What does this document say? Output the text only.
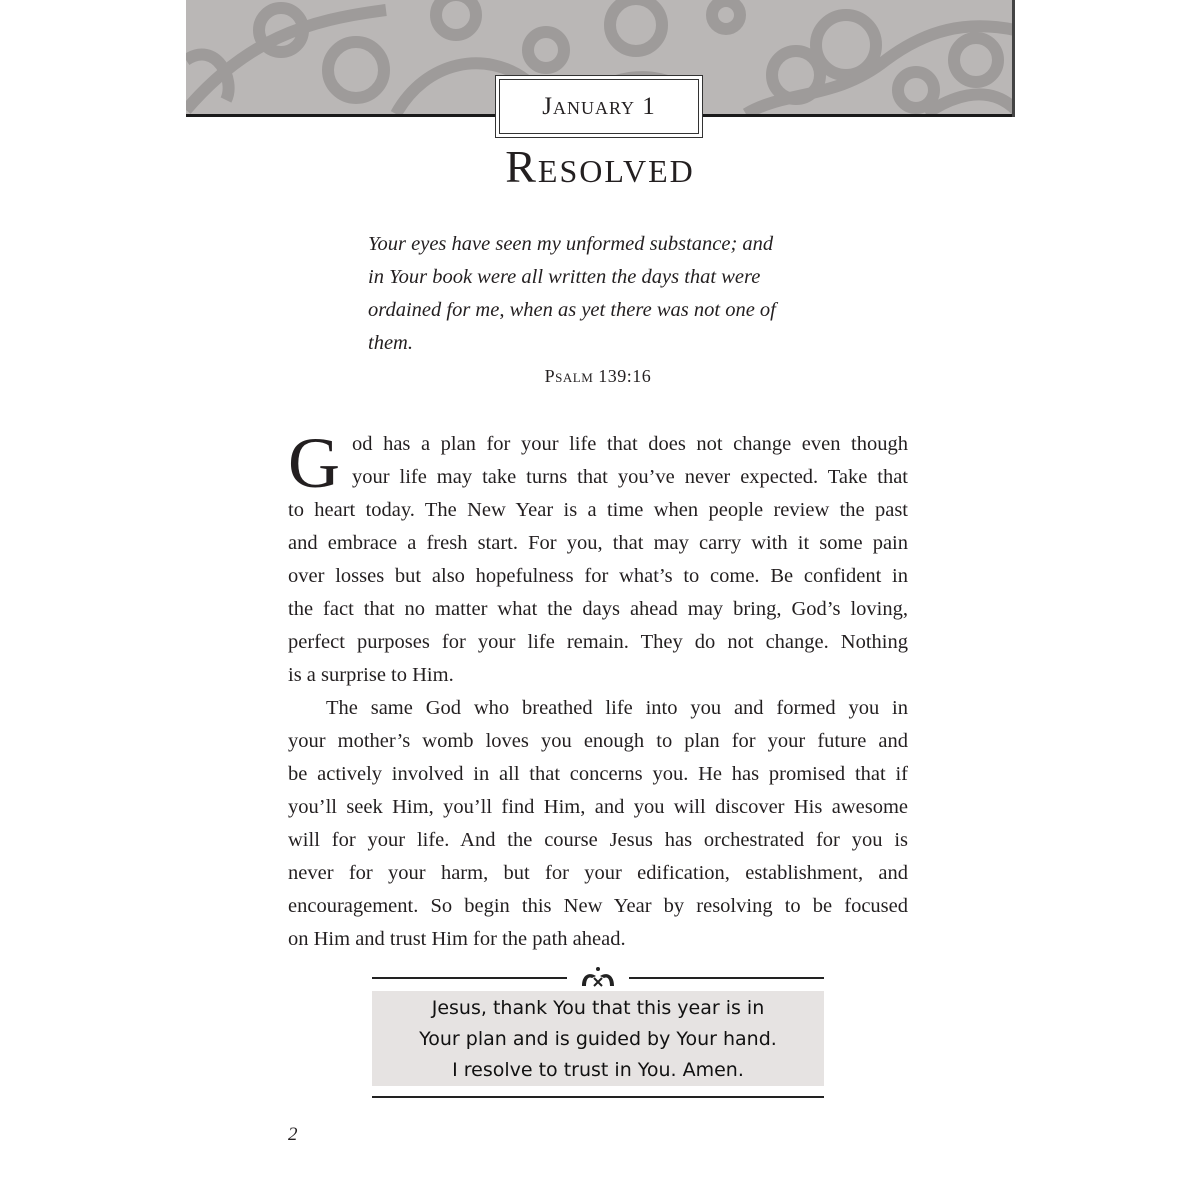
January 1
Resolved
Your eyes have seen my unformed substance; and
in Your book were all written the days that were
ordained for me, when as yet there was not one of
them.
Psalm 139:16
G od has a plan for your life that does not change even though
your life may take turns that you’ve never expected. Take that
to heart today. The New Year is a time when people review the past
and embrace a fresh start. For you, that may carry with it some pain
over losses but also hopefulness for what’s to come. Be confident in
the fact that no matter what the days ahead may bring, God’s loving,
perfect purposes for your life remain. They do not change. Nothing
is a surprise to Him.
The same God who breathed life into you and formed you in
your mother’s womb loves you enough to plan for your future and
be actively involved in all that concerns you. He has promised that if
you’ll seek Him, you’ll find Him, and you will discover His awesome
will for your life. And the course Jesus has orchestrated for you is
never for your harm, but for your edification, establishment, and
encouragement. So begin this New Year by resolving to be focused
on Him and trust Him for the path ahead.
Jesus, thank You that this year is in
Your plan and is guided by Your hand.
I resolve to trust in You. Amen.
2
